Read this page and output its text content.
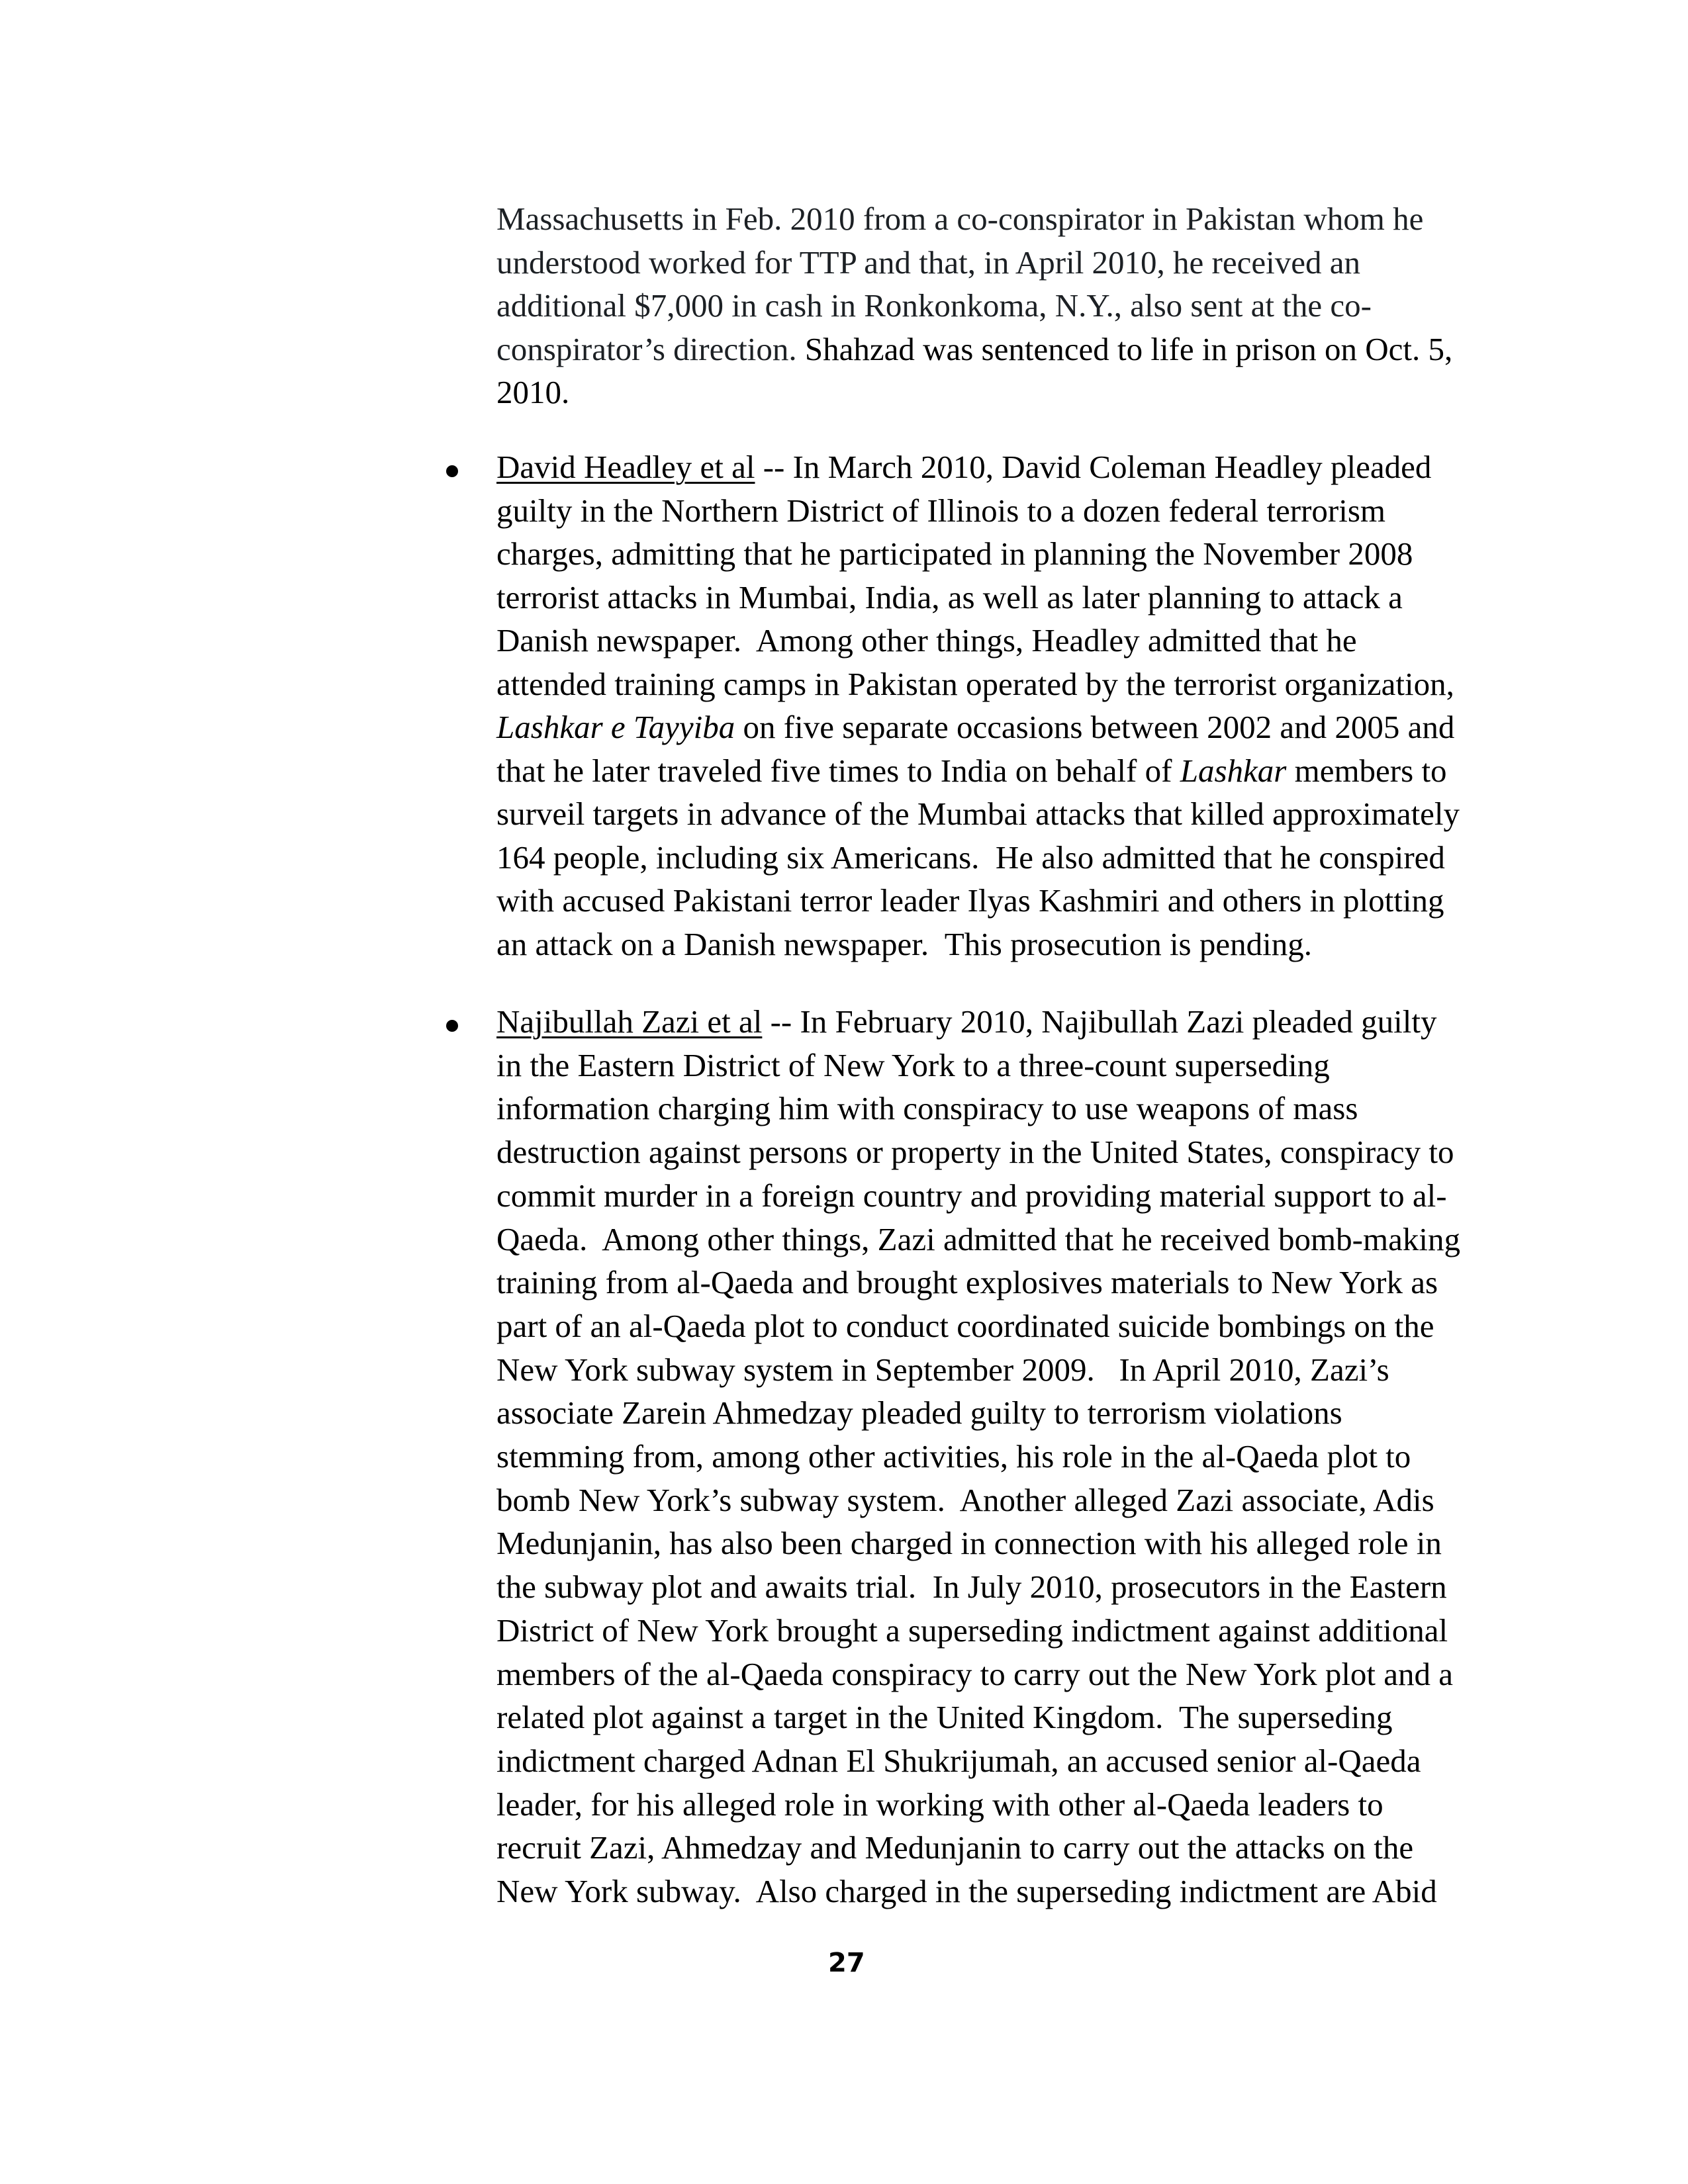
Massachusetts in Feb. 2010 from a co-conspirator in Pakistan whom he
understood worked for TTP and that, in April 2010, he received an
additional $7,000 in cash in Ronkonkoma, N.Y., also sent at the co-
conspirator’s direction. Shahzad was sentenced to life in prison on Oct. 5,
2010.
David Headley et al -- In March 2010, David Coleman Headley pleaded
guilty in the Northern District of Illinois to a dozen federal terrorism
charges, admitting that he participated in planning the November 2008
terrorist attacks in Mumbai, India, as well as later planning to attack a
Danish newspaper.  Among other things, Headley admitted that he
attended training camps in Pakistan operated by the terrorist organization,
Lashkar e Tayyiba on five separate occasions between 2002 and 2005 and
that he later traveled five times to India on behalf of Lashkar members to
surveil targets in advance of the Mumbai attacks that killed approximately
164 people, including six Americans.  He also admitted that he conspired
with accused Pakistani terror leader Ilyas Kashmiri and others in plotting
an attack on a Danish newspaper.  This prosecution is pending.
Najibullah Zazi et al -- In February 2010, Najibullah Zazi pleaded guilty
in the Eastern District of New York to a three-count superseding
information charging him with conspiracy to use weapons of mass
destruction against persons or property in the United States, conspiracy to
commit murder in a foreign country and providing material support to al-
Qaeda.  Among other things, Zazi admitted that he received bomb-making
training from al-Qaeda and brought explosives materials to New York as
part of an al-Qaeda plot to conduct coordinated suicide bombings on the
New York subway system in September 2009.   In April 2010, Zazi’s
associate Zarein Ahmedzay pleaded guilty to terrorism violations
stemming from, among other activities, his role in the al-Qaeda plot to
bomb New York’s subway system.  Another alleged Zazi associate, Adis
Medunjanin, has also been charged in connection with his alleged role in
the subway plot and awaits trial.  In July 2010, prosecutors in the Eastern
District of New York brought a superseding indictment against additional
members of the al-Qaeda conspiracy to carry out the New York plot and a
related plot against a target in the United Kingdom.  The superseding
indictment charged Adnan El Shukrijumah, an accused senior al-Qaeda
leader, for his alleged role in working with other al-Qaeda leaders to
recruit Zazi, Ahmedzay and Medunjanin to carry out the attacks on the
New York subway.  Also charged in the superseding indictment are Abid
27
